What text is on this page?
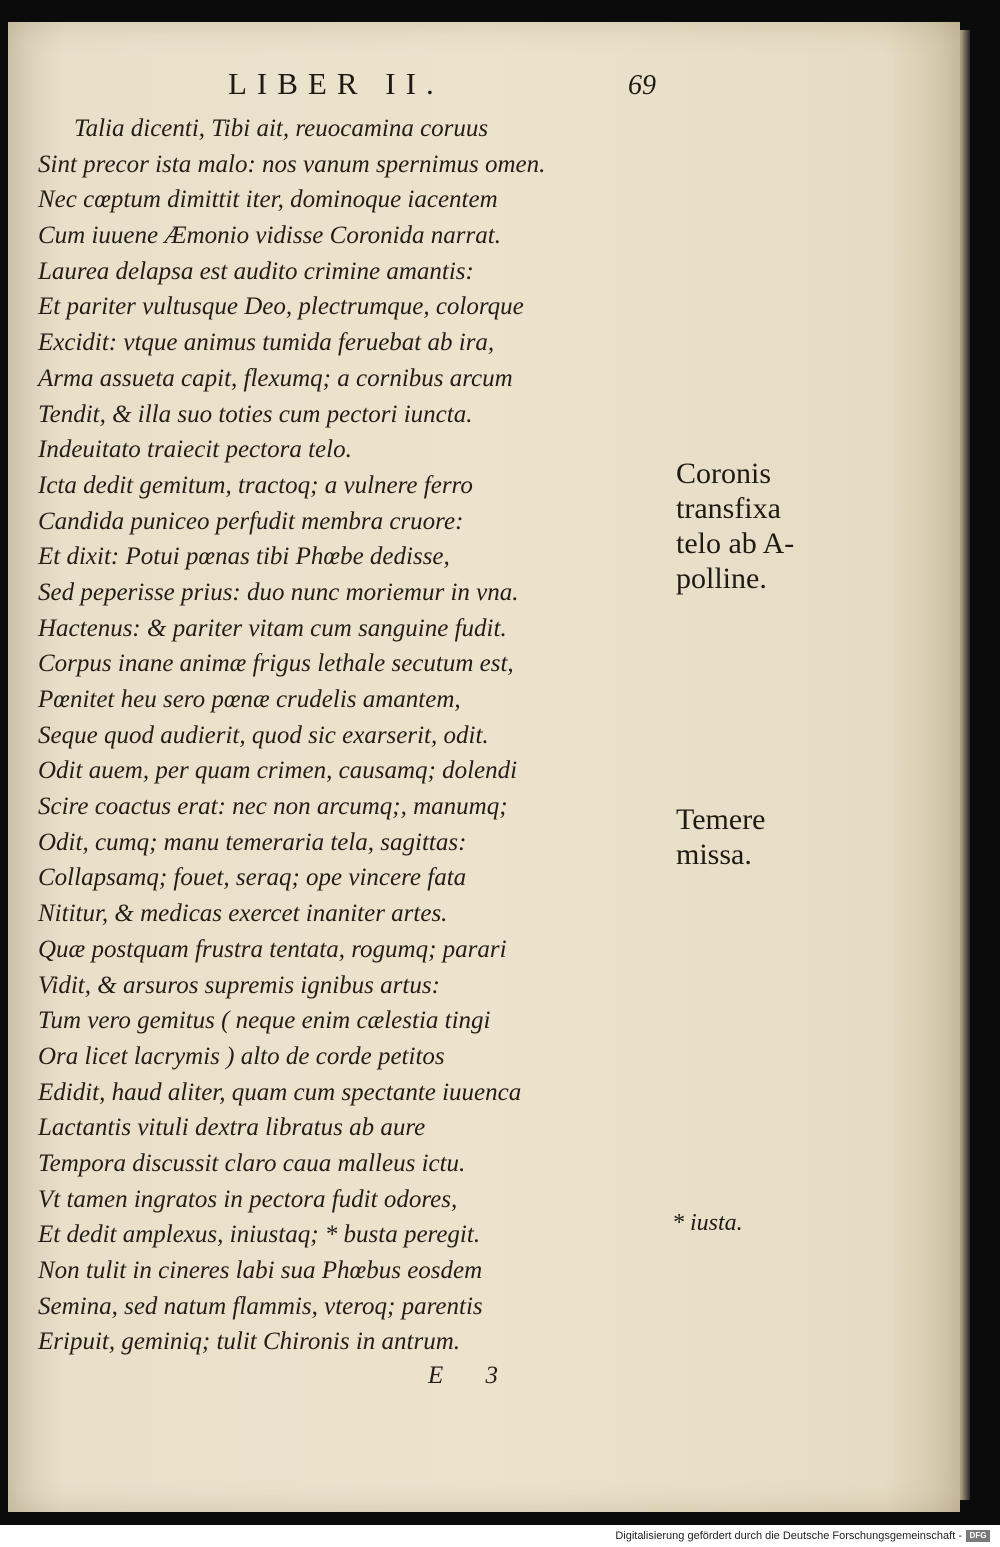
LIBER II.	69
Talia dicenti, Tibi ait, reuocamina coruus
Sint precor ista malo: nos vanum spernimus omen.
Nec cœptum dimittit iter, dominoque iacentem
Cum iuuene Æmonio vidisse Coronida narrat.
Laurea delapsa est audito crimine amantis:
Et pariter vultusque Deo, plectrumque, colorque
Excidit: vtque animus tumida feruebat ab ira,
Arma assueta capit, flexumq; a cornibus arcum
Tendit, & illa suo toties cum pectori iuncta.
Indeuitato traiecit pectora telo.
Icta dedit gemitum, tractoq; a vulnere ferro
Candida puniceo perfudit membra cruore:
Et dixit: Potui pœnas tibi Phœbe dedisse,
Sed peperisse prius: duo nunc moriemur in vna.
Hactenus: & pariter vitam cum sanguine fudit.
Corpus inane animæ frigus lethale secutum est,
Pœnitet heu sero pœnæ crudelis amantem,
Seque quod audierit, quod sic exarserit, odit.
Odit auem, per quam crimen, causamq; dolendi
Scire coactus erat: nec non arcumq;, manumq;
Odit, cumq; manu temeraria tela, sagittas:
Collapsamq; fouet, seraq; ope vincere fata
Nititur, & medicas exercet inaniter artes.
Quæ postquam frustra tentata, rogumq; parari
Vidit, & arsuros supremis ignibus artus:
Tum vero gemitus ( neque enim cælestia tingi
Ora licet lacrymis ) alto de corde petitos
Edidit, haud aliter, quam cum spectante iuuenca
Lactantis vituli dextra libratus ab aure
Tempora discussit claro caua malleus ictu.
Vt tamen ingratos in pectora fudit odores,
Et dedit amplexus, iniustaq; * busta peregit.
Non tulit in cineres labi sua Phœbus eosdem
Semina, sed natum flammis, vteroq; parentis
Eripuit, geminiq; tulit Chironis in antrum.
Coronis
transfixa
telo ab A-
polline.
Temere
missa.
* iusta.
E 3
Digitalisierung gefördert durch die Deutsche Forschungsgemeinschaft - DFG
